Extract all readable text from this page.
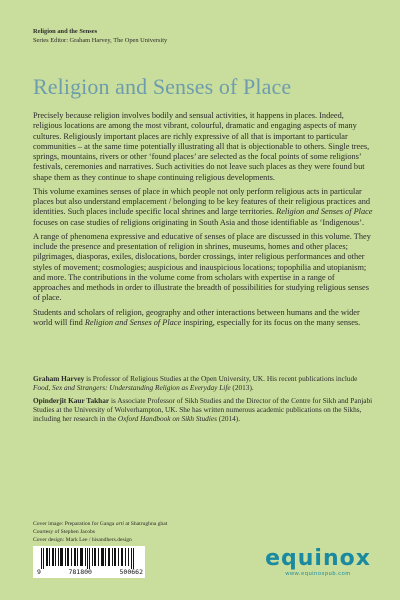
Religion and the Senses
Series Editor: Graham Harvey, The Open University
Religion and Senses of Place

Precisely because religion involves bodily and sensual activities, it happens in places. Indeed, religious locations are among the most vibrant, colourful, dramatic and engaging aspects of many cultures. Religiously important places are richly expressive of all that is important to particular communities – at the same time potentially illustrating all that is objectionable to others. Single trees, springs, mountains, rivers or other ‘found places’ are selected as the focal points of some religions’ festivals, ceremonies and narratives. Such activities do not leave such places as they were found but shape them as they continue to shape continuing religious developments.

This volume examines senses of place in which people not only perform religious acts in particular places but also understand emplacement / belonging to be key features of their religious practices and identities. Such places include specific local shrines and large territories. Religion and Senses of Place focuses on case studies of religions originating in South Asia and those identifiable as ‘Indigenous’.

A range of phenomena expressive and educative of senses of place are discussed in this volume. They include the presence and presentation of religion in shrines, museums, homes and other places; pilgrimages, diasporas, exiles, dislocations, border crossings, inter religious performances and other styles of movement; cosmologies; auspicious and inauspicious locations; topophilia and utopianism; and more. The contributions in the volume come from scholars with expertise in a range of approaches and methods in order to illustrate the breadth of possibilities for studying religious senses of place.

Students and scholars of religion, geography and other interactions between humans and the wider world will find Religion and Senses of Place inspiring, especially for its focus on the many senses.

Graham Harvey is Professor of Religious Studies at the Open University, UK. His recent publications include Food, Sex and Strangers: Understanding Religion as Everyday Life (2013).

Opinderjit Kaur Takhar is Associate Professor of Sikh Studies and the Director of the Centre for Sikh and Panjabi Studies at the University of Wolverhampton, UK. She has written numerous academic publications on the Sikhs, including her research in the Oxford Handbook on Sikh Studies (2014).

Cover image: Preparation for Ganga arti at Shatrughna ghat
Courtesy of Stephen Jacobs
Cover design: Mark Lee / hisandhers.design
9	781800	500662
equinox
www.equinoxpub.com
